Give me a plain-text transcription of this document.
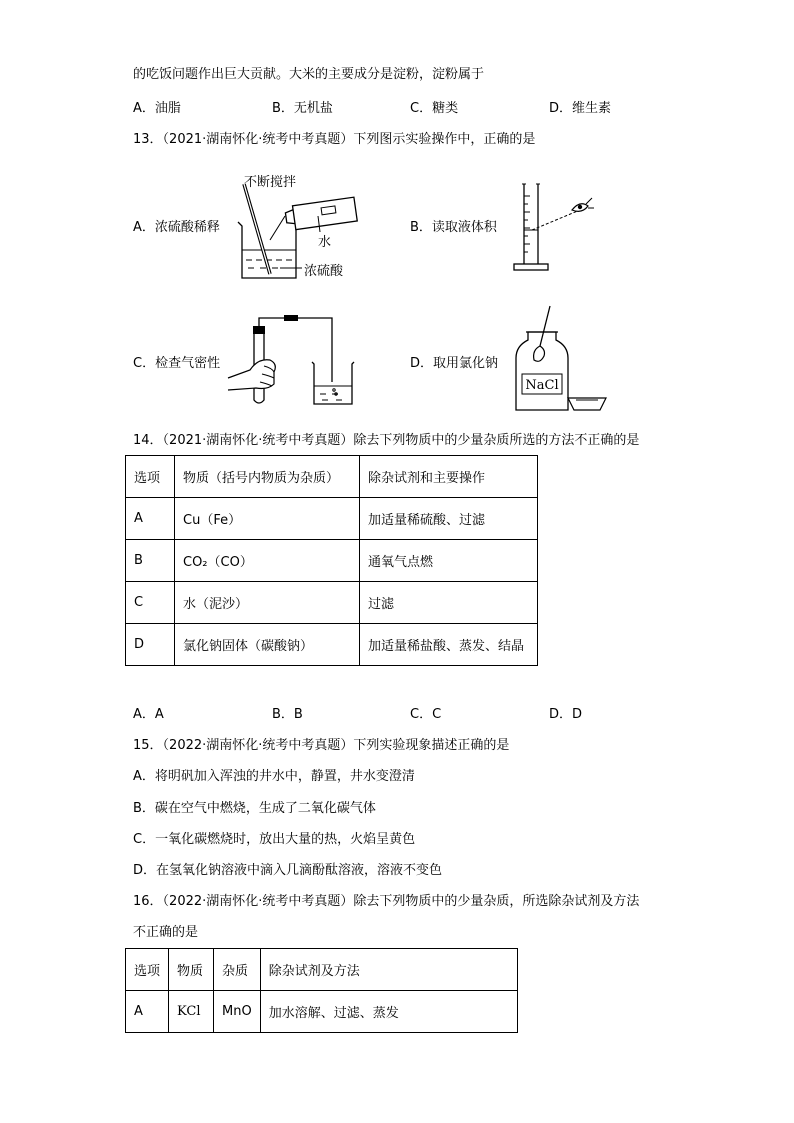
的吃饭问题作出巨大贡献。大米的主要成分是淀粉，淀粉属于
A．油脂	B．无机盐	C．糖类	D．维生素
13．（2021·湖南怀化·统考中考真题）下列图示实验操作中，正确的是
A．浓硫酸稀释
不断搅拌
水
浓硫酸
B．读取液体积
C．检查气密性	D．取用氯化钠
NaCl
14．（2021·湖南怀化·统考中考真题）除去下列物质中的少量杂质所选的方法不正确的是
选项	物质（括号内物质为杂质）	除杂试剂和主要操作
A	Cu（Fe）	加适量稀硫酸、过滤
B	CO₂（CO）	通氧气点燃
C	水（泥沙）	过滤
D	氯化钠固体（碳酸钠）	加适量稀盐酸、蒸发、结晶
A．A	B．B	C．C	D．D
15．（2022·湖南怀化·统考中考真题）下列实验现象描述正确的是
A．将明矾加入浑浊的井水中，静置，井水变澄清
B．碳在空气中燃烧，生成了二氧化碳气体
C．一氧化碳燃烧时，放出大量的热，火焰呈黄色
D．在氢氧化钠溶液中滴入几滴酚酞溶液，溶液不变色
16．（2022·湖南怀化·统考中考真题）除去下列物质中的少量杂质，所选除杂试剂及方法
不正确的是
选项	物质	杂质	除杂试剂及方法
A	KCl	MnO	加水溶解、过滤、蒸发
